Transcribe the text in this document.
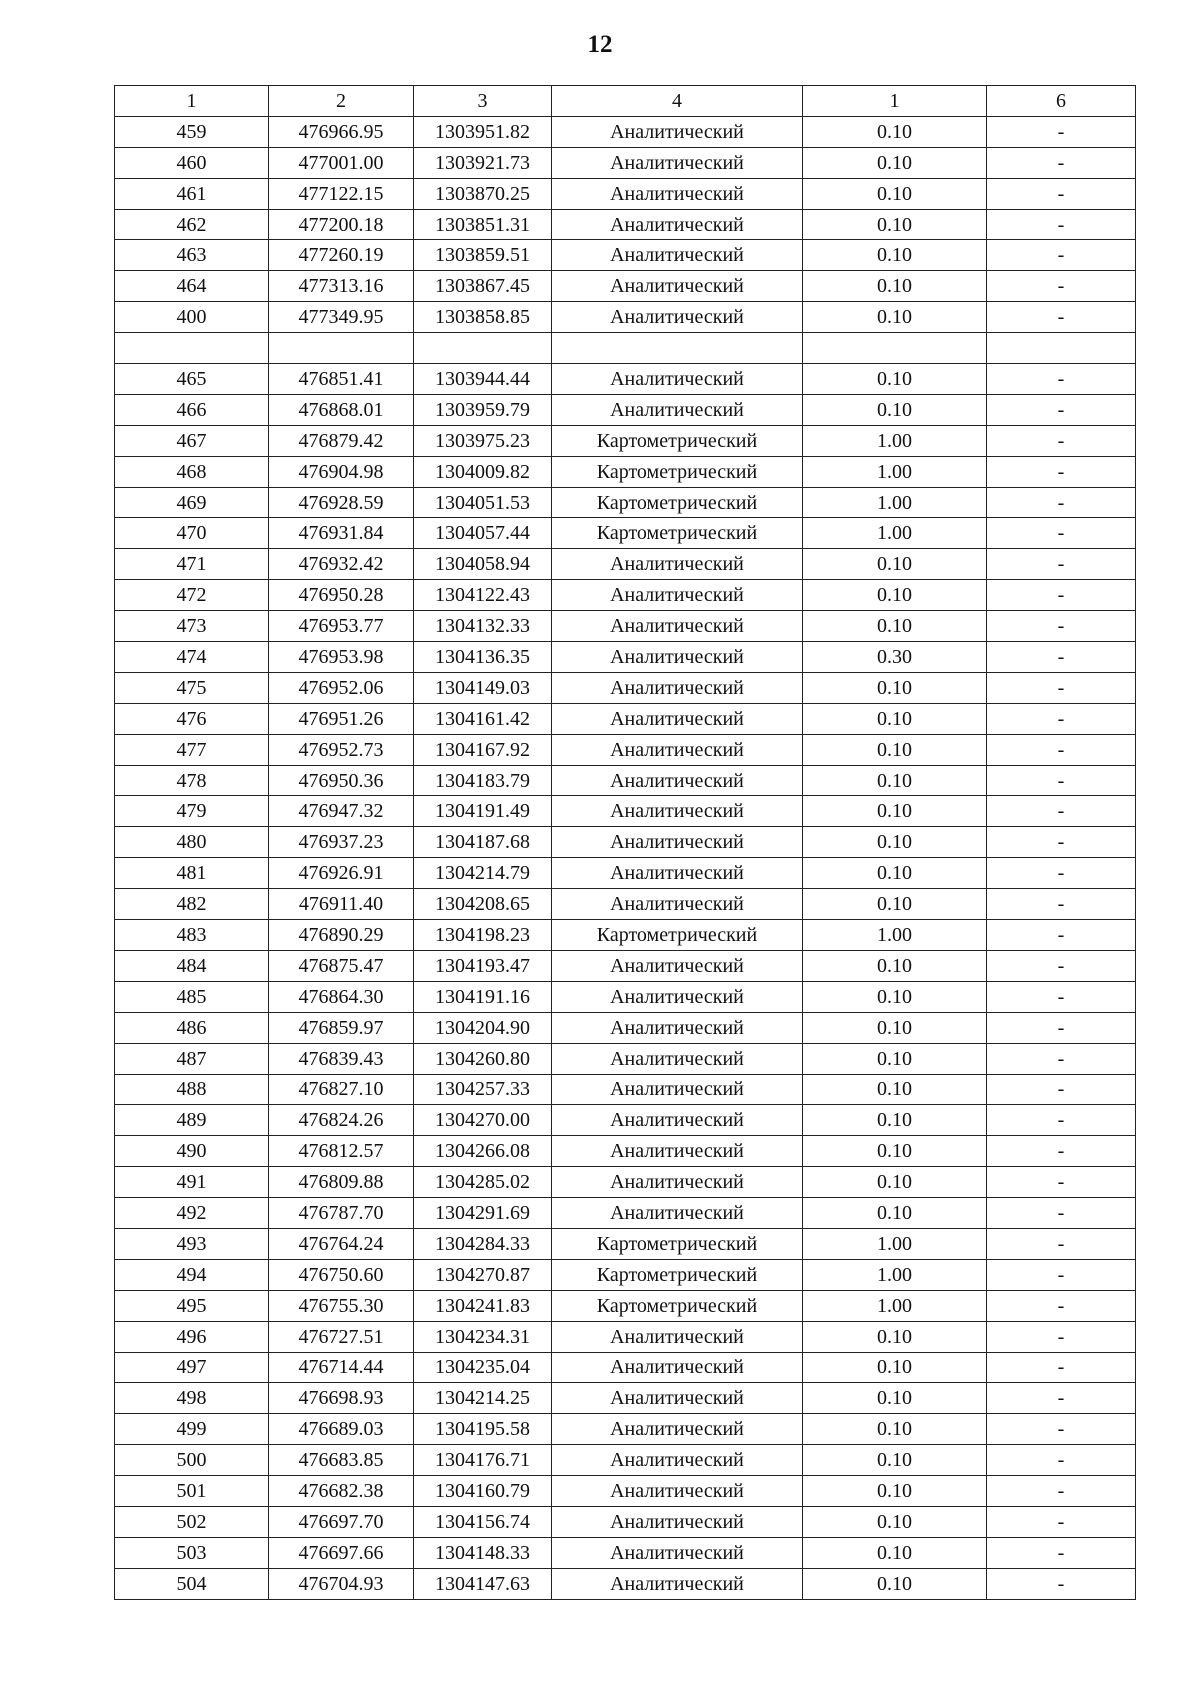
12
1	2	3	4	1	6
459	476966.95	1303951.82	Аналитический	0.10	-
460	477001.00	1303921.73	Аналитический	0.10	-
461	477122.15	1303870.25	Аналитический	0.10	-
462	477200.18	1303851.31	Аналитический	0.10	-
463	477260.19	1303859.51	Аналитический	0.10	-
464	477313.16	1303867.45	Аналитический	0.10	-
400	477349.95	1303858.85	Аналитический	0.10	-

465	476851.41	1303944.44	Аналитический	0.10	-
466	476868.01	1303959.79	Аналитический	0.10	-
467	476879.42	1303975.23	Картометрический	1.00	-
468	476904.98	1304009.82	Картометрический	1.00	-
469	476928.59	1304051.53	Картометрический	1.00	-
470	476931.84	1304057.44	Картометрический	1.00	-
471	476932.42	1304058.94	Аналитический	0.10	-
472	476950.28	1304122.43	Аналитический	0.10	-
473	476953.77	1304132.33	Аналитический	0.10	-
474	476953.98	1304136.35	Аналитический	0.30	-
475	476952.06	1304149.03	Аналитический	0.10	-
476	476951.26	1304161.42	Аналитический	0.10	-
477	476952.73	1304167.92	Аналитический	0.10	-
478	476950.36	1304183.79	Аналитический	0.10	-
479	476947.32	1304191.49	Аналитический	0.10	-
480	476937.23	1304187.68	Аналитический	0.10	-
481	476926.91	1304214.79	Аналитический	0.10	-
482	476911.40	1304208.65	Аналитический	0.10	-
483	476890.29	1304198.23	Картометрический	1.00	-
484	476875.47	1304193.47	Аналитический	0.10	-
485	476864.30	1304191.16	Аналитический	0.10	-
486	476859.97	1304204.90	Аналитический	0.10	-
487	476839.43	1304260.80	Аналитический	0.10	-
488	476827.10	1304257.33	Аналитический	0.10	-
489	476824.26	1304270.00	Аналитический	0.10	-
490	476812.57	1304266.08	Аналитический	0.10	-
491	476809.88	1304285.02	Аналитический	0.10	-
492	476787.70	1304291.69	Аналитический	0.10	-
493	476764.24	1304284.33	Картометрический	1.00	-
494	476750.60	1304270.87	Картометрический	1.00	-
495	476755.30	1304241.83	Картометрический	1.00	-
496	476727.51	1304234.31	Аналитический	0.10	-
497	476714.44	1304235.04	Аналитический	0.10	-
498	476698.93	1304214.25	Аналитический	0.10	-
499	476689.03	1304195.58	Аналитический	0.10	-
500	476683.85	1304176.71	Аналитический	0.10	-
501	476682.38	1304160.79	Аналитический	0.10	-
502	476697.70	1304156.74	Аналитический	0.10	-
503	476697.66	1304148.33	Аналитический	0.10	-
504	476704.93	1304147.63	Аналитический	0.10	-
